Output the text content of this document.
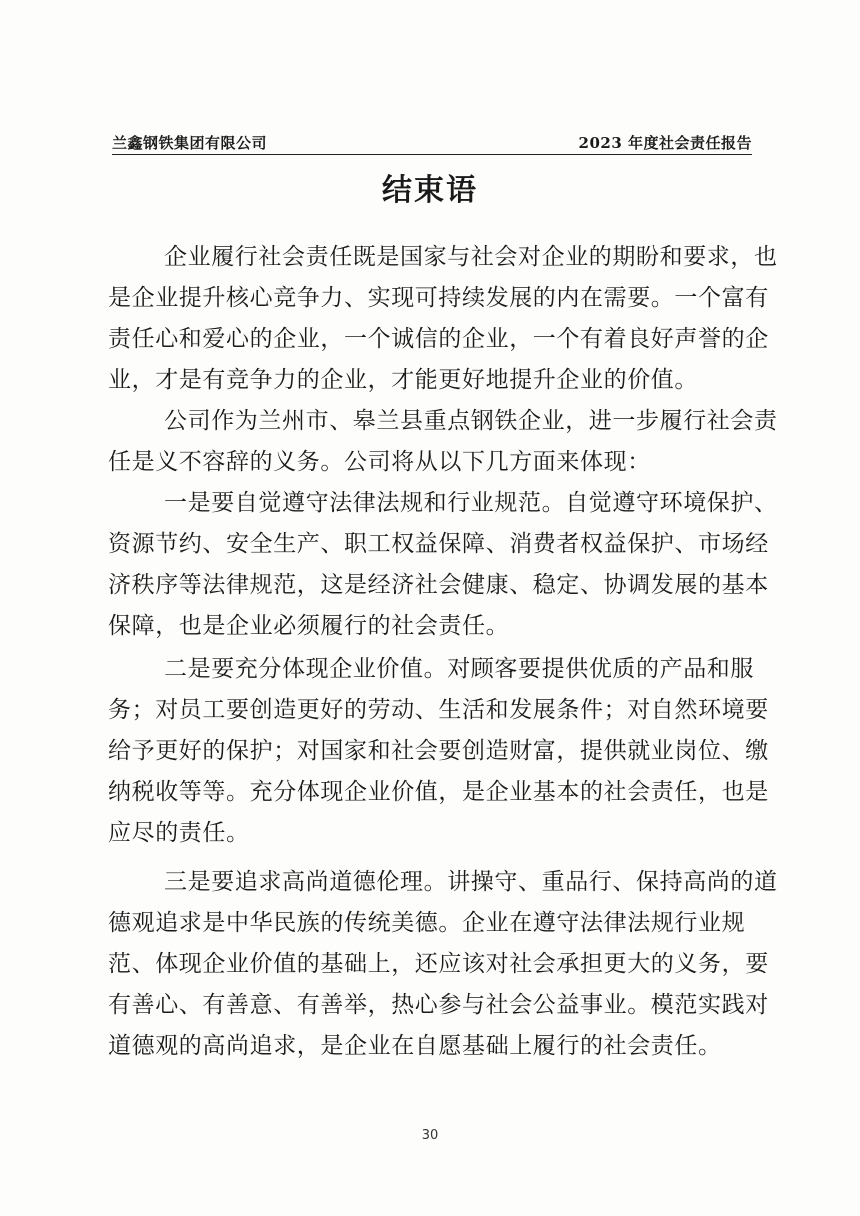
兰鑫钢铁集团有限公司	2023 年度社会责任报告
结束语
企业履行社会责任既是国家与社会对企业的期盼和要求，也
是企业提升核心竞争力、实现可持续发展的内在需要。一个富有
责任心和爱心的企业，一个诚信的企业，一个有着良好声誉的企
业，才是有竞争力的企业，才能更好地提升企业的价值。
公司作为兰州市、皋兰县重点钢铁企业，进一步履行社会责
任是义不容辞的义务。公司将从以下几方面来体现：
一是要自觉遵守法律法规和行业规范。自觉遵守环境保护、
资源节约、安全生产、职工权益保障、消费者权益保护、市场经
济秩序等法律规范，这是经济社会健康、稳定、协调发展的基本
保障，也是企业必须履行的社会责任。
二是要充分体现企业价值。对顾客要提供优质的产品和服
务；对员工要创造更好的劳动、生活和发展条件；对自然环境要
给予更好的保护；对国家和社会要创造财富，提供就业岗位、缴
纳税收等等。充分体现企业价值，是企业基本的社会责任，也是
应尽的责任。
三是要追求高尚道德伦理。讲操守、重品行、保持高尚的道
德观追求是中华民族的传统美德。企业在遵守法律法规行业规
范、体现企业价值的基础上，还应该对社会承担更大的义务，要
有善心、有善意、有善举，热心参与社会公益事业。模范实践对
道德观的高尚追求，是企业在自愿基础上履行的社会责任。
30
